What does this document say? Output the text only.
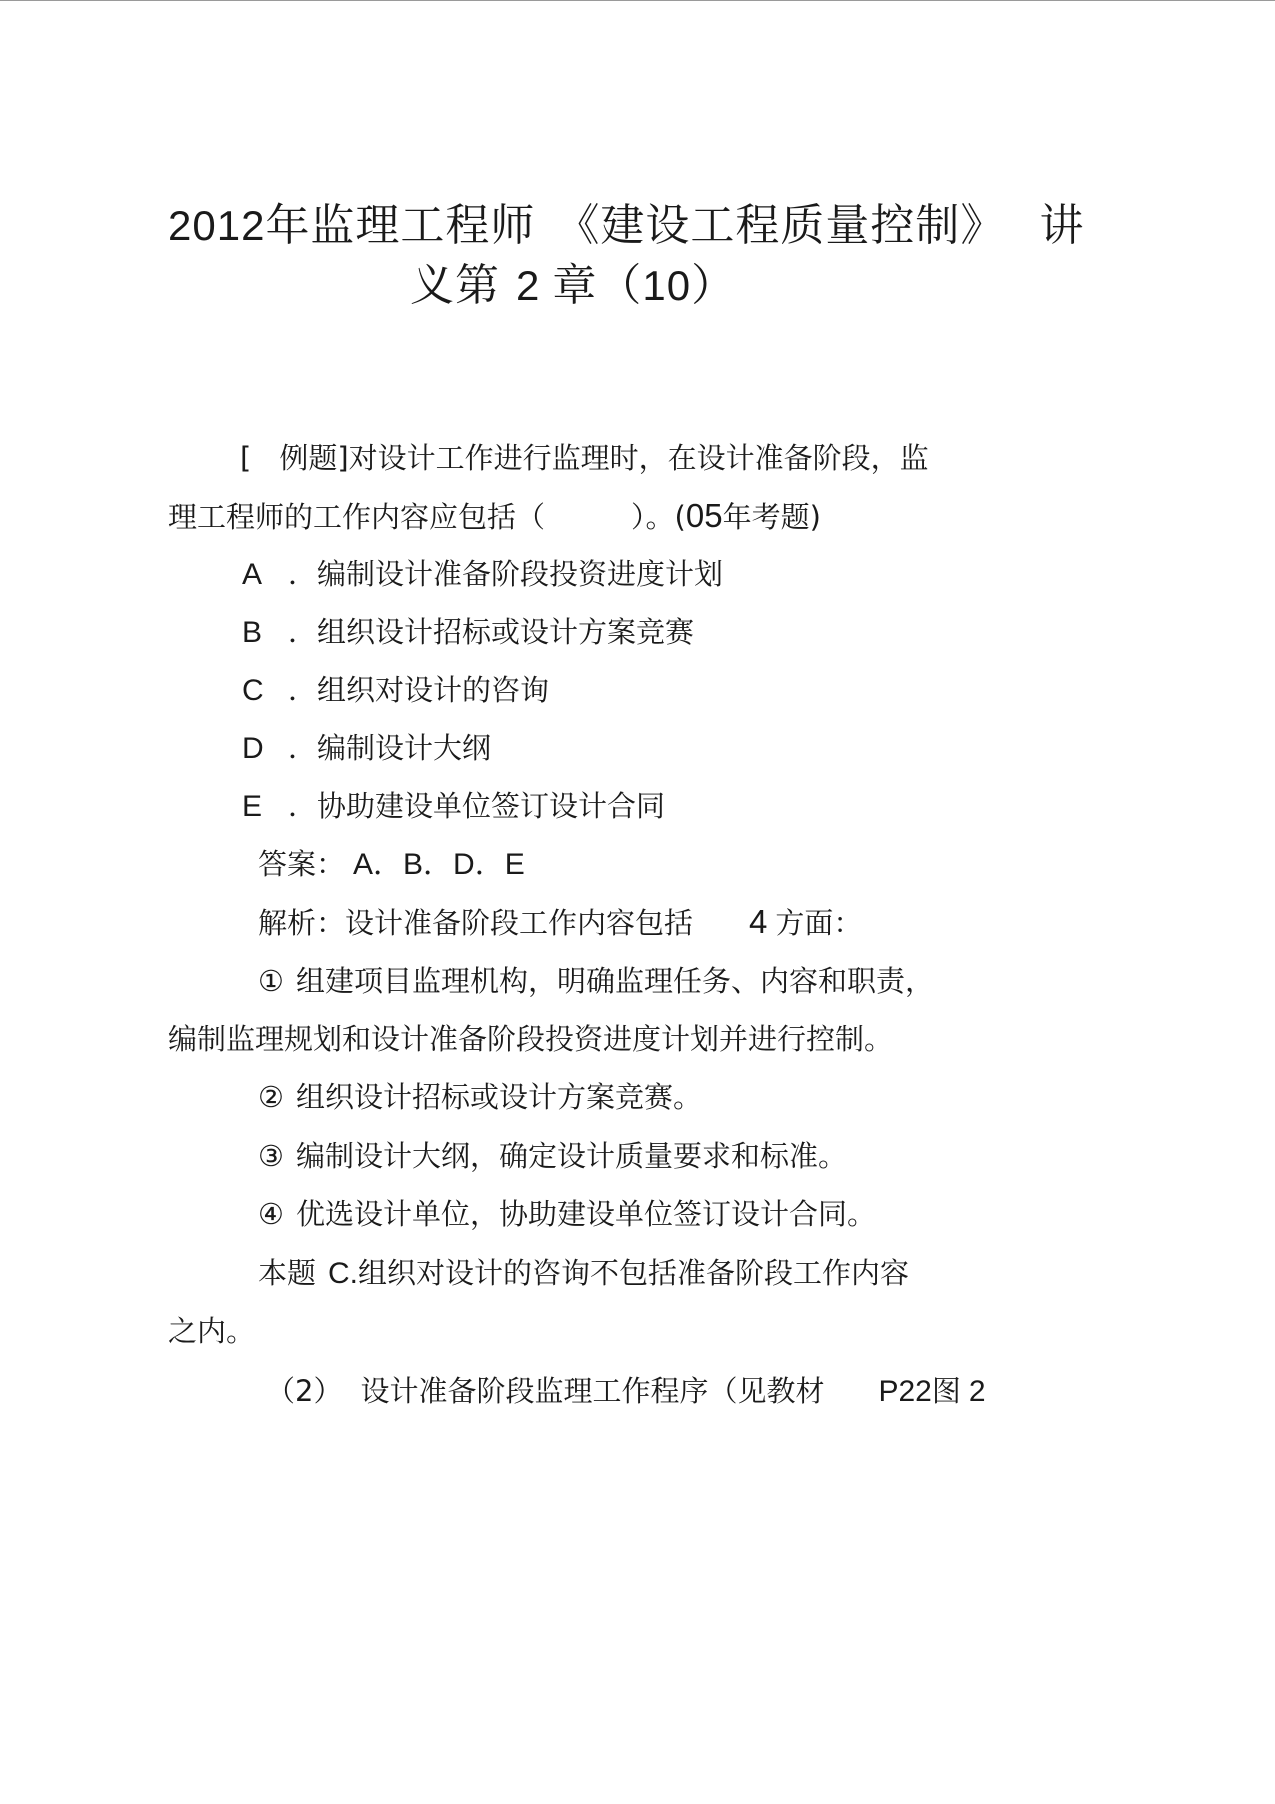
2012年监理工程师 《建设工程质量控制》 讲
义第 2 章（10）
[ 例题]对设计工作进行监理时，在设计准备阶段，监
理工程师的工作内容应包括（	）。(05年考题)
A ．编制设计准备阶段投资进度计划
B ．组织设计招标或设计方案竞赛
C ．组织对设计的咨询
D ．编制设计大纲
E ．协助建设单位签订设计合同
答案： A．B．D．E
解析：设计准备阶段工作内容包括 4 方面：
① 组建项目监理机构，明确监理任务、内容和职责，
编制监理规划和设计准备阶段投资进度计划并进行控制。
② 组织设计招标或设计方案竞赛。
③ 编制设计大纲，确定设计质量要求和标准。
④ 优选设计单位，协助建设单位签订设计合同。
本题 C.组织对设计的咨询不包括准备阶段工作内容
之内。
（2） 设计准备阶段监理工作程序（见教材 P22图 2
